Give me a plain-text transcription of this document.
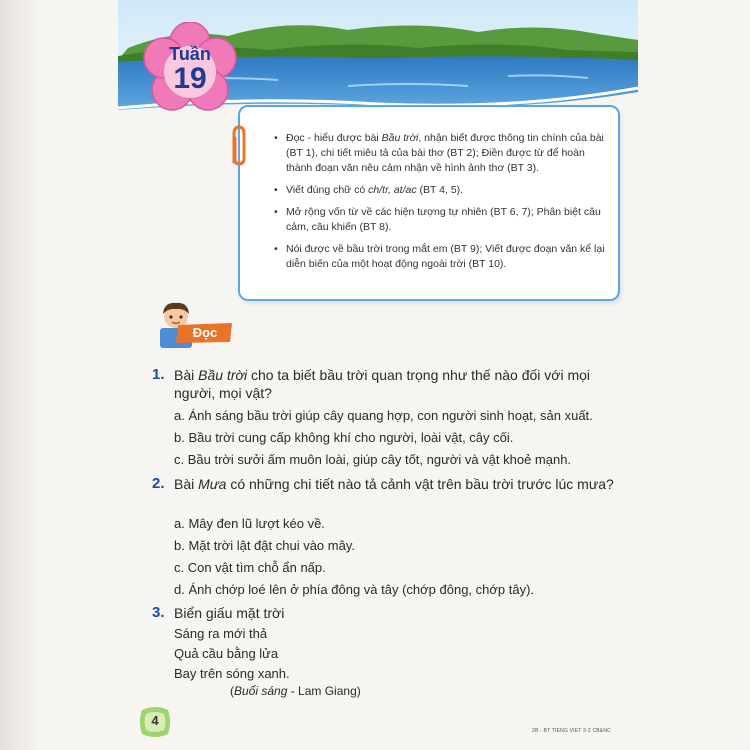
Tuần
19
• Đọc - hiểu được bài Bầu trời, nhận biết được thông tin chính của bài (BT 1), chi tiết miêu tả của bài thơ (BT 2); Điền được từ để hoàn thành đoạn văn nêu cảm nhận về hình ảnh thơ (BT 3).
• Viết đúng chữ có ch/tr, at/ac (BT 4, 5).
• Mở rộng vốn từ về các hiện tượng tự nhiên (BT 6, 7); Phân biệt câu cảm, câu khiến (BT 8).
• Nói được về bầu trời trong mắt em (BT 9); Viết được đoạn văn kể lại diễn biến của một hoạt động ngoài trời (BT 10).
Đọc
1. Bài Bầu trời cho ta biết bầu trời quan trọng như thế nào đối với mọi người, mọi vật?
a. Ánh sáng bầu trời giúp cây quang hợp, con người sinh hoạt, sản xuất.
b. Bầu trời cung cấp không khí cho người, loài vật, cây cối.
c. Bầu trời sưởi ấm muôn loài, giúp cây tốt, người và vật khoẻ mạnh.
2. Bài Mưa có những chi tiết nào tả cảnh vật trên bầu trời trước lúc mưa?
a. Mây đen lũ lượt kéo về.
b. Mặt trời lật đật chui vào mây.
c. Con vật tìm chỗ ẩn nấp.
d. Ánh chớp loé lên ở phía đông và tây (chớp đông, chớp tây).
3. Biển giấu mặt trời
Sáng ra mới thả
Quả cầu bằng lửa
Bay trên sóng xanh.
(Buổi sáng - Lam Giang)
4
2B - BT TIENG VIET 3-2 CB&NC
